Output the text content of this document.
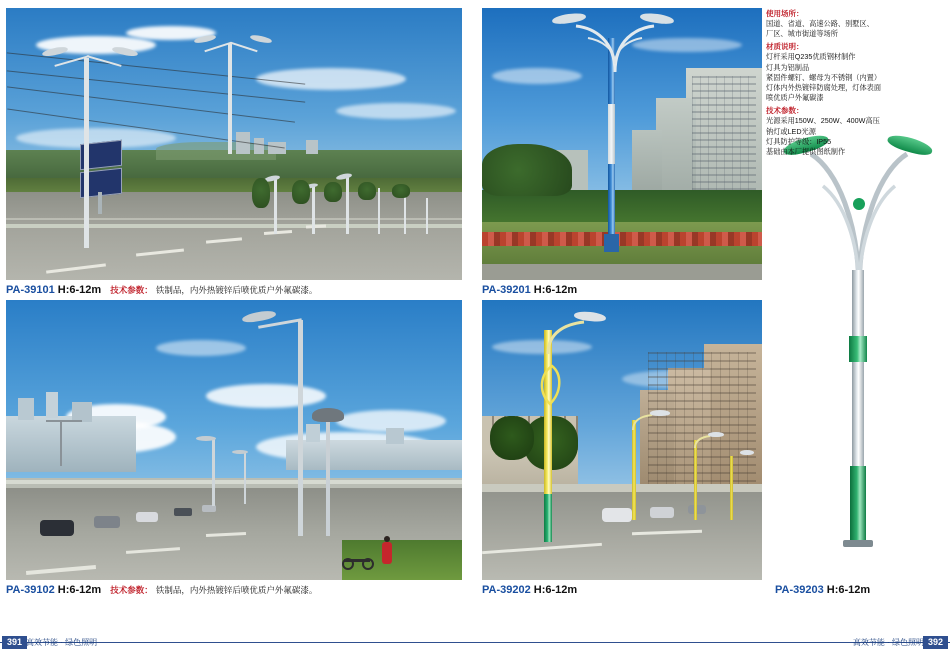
PA-39101 H:6-12m 技术参数： 铁制品，内外热镀锌后喷优质户外氟碳漆。
PA-39102 H:6-12m 技术参数： 铁制品，内外热镀锌后喷优质户外氟碳漆。
PA-39201 H:6-12m
PA-39202 H:6-12m	PA-39203 H:6-12m
使用场所：
国道、省道、高速公路、别墅区、
厂区、城市街道等场所
材质说明：
灯杆采用Q235优质钢材制作
灯具为铝制品
紧固件螺钉、螺母为不锈钢（内置）
灯体内外热镀锌防腐处理，灯体表面
喷优质户外氟碳漆
技术参数：
光源采用150W、250W、400W高压
钠灯或LED光源
灯具防护等级：IP55
基础由本厂提供图纸制作
391 高效节能 · 绿色照明	392
高效节能 · 绿色照明
